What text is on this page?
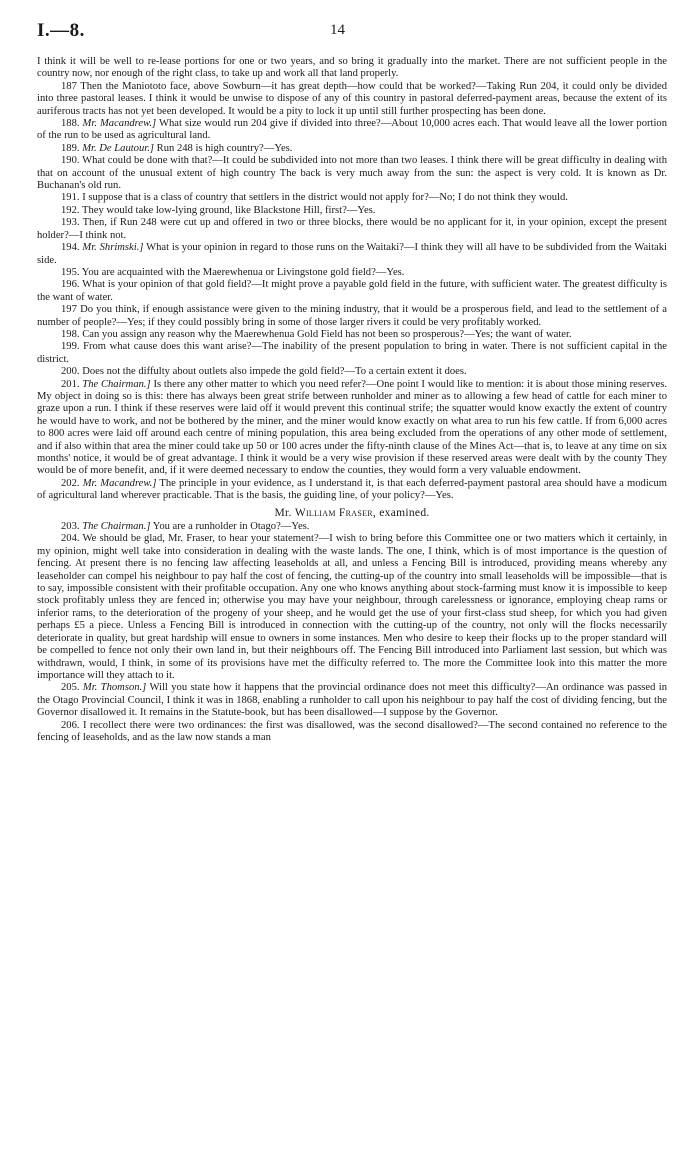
I.—8.	14

I think it will be well to re-lease portions for one or two years, and so bring it gradually into the market. There are not sufficient people in the country now, nor enough of the right class, to take up and work all that land properly.

187 Then the Maniototo face, above Sowburn—it has great depth—how could that be worked?—Taking Run 204, it could only be divided into three pastoral leases. I think it would be unwise to dispose of any of this country in pastoral deferred-payment areas, because the extent of its auriferous tracts has not yet been developed. It would be a pity to lock it up until still further prospecting has been done.

188. Mr. Macandrew.] What size would run 204 give if divided into three?—About 10,000 acres each. That would leave all the lower portion of the run to be used as agricultural land.

189. Mr. De Lautour.] Run 248 is high country?—Yes.

190. What could be done with that?—It could be subdivided into not more than two leases. I think there will be great difficulty in dealing with that on account of the unusual extent of high country The back is very much away from the sun: the aspect is very cold. It is known as Dr. Buchanan's old run.

191. I suppose that is a class of country that settlers in the district would not apply for?—No; I do not think they would.

192. They would take low-lying ground, like Blackstone Hill, first?—Yes.

193. Then, if Run 248 were cut up and offered in two or three blocks, there would be no applicant for it, in your opinion, except the present holder?—I think not.

194. Mr. Shrimski.] What is your opinion in regard to those runs on the Waitaki?—I think they will all have to be subdivided from the Waitaki side.

195. You are acquainted with the Maerewhenua or Livingstone gold field?—Yes.

196. What is your opinion of that gold field?—It might prove a payable gold field in the future, with sufficient water. The greatest difficulty is the want of water.

197 Do you think, if enough assistance were given to the mining industry, that it would be a prosperous field, and lead to the settlement of a number of people?—Yes; if they could possibly bring in some of those larger rivers it could be very profitably worked.

198. Can you assign any reason why the Maerewhenua Gold Field has not been so prosperous?—Yes; the want of water.

199. From what cause does this want arise?—The inability of the present population to bring in water. There is not sufficient capital in the district.

200. Does not the diffulty about outlets also impede the gold field?—To a certain extent it does.

201. The Chairman.] Is there any other matter to which you need refer?—One point I would like to mention: it is about those mining reserves. My object in doing so is this: there has always been great strife between runholder and miner as to allowing a few head of cattle for each miner to graze upon a run. I think if these reserves were laid off it would prevent this continual strife; the squatter would know exactly the extent of country he would have to work, and not be bothered by the miner, and the miner would know exactly on what area to run his few cattle. If from 6,000 acres to 800 acres were laid off around each centre of mining population, this area being excluded from the operations of any other mode of settlement, and if also within that area the miner could take up 50 or 100 acres under the fifty-ninth clause of the Mines Act—that is, to leave at any time on six months' notice, it would be of great advantage. I think it would be a very wise provision if these reserved areas were dealt with by the county They would be of more benefit, and, if it were deemed necessary to endow the counties, they would form a very valuable endowment.

202. Mr. Macandrew.] The principle in your evidence, as I understand it, is that each deferred-payment pastoral area should have a modicum of agricultural land wherever practicable. That is the basis, the guiding line, of your policy?—Yes.

Mr. William Fraser, examined.

203. The Chairman.] You are a runholder in Otago?—Yes.

204. We should be glad, Mr. Fraser, to hear your statement?—I wish to bring before this Committee one or two matters which it certainly, in my opinion, might well take into consideration in dealing with the waste lands. The one, I think, which is of most importance is the question of fencing. At present there is no fencing law affecting leaseholds at all, and unless a Fencing Bill is introduced, providing means whereby any leaseholder can compel his neighbour to pay half the cost of fencing, the cutting-up of the country into small leaseholds will be impossible—that is to say, impossible consistent with their profitable occupation. Any one who knows anything about stock-farming must know it is impossible to keep stock profitably unless they are fenced in; otherwise you may have your neighbour, through carelessness or ignorance, employing cheap rams or inferior rams, to the deterioration of the progeny of your sheep, and he would get the use of your first-class stud sheep, for which you had given perhaps £5 a piece. Unless a Fencing Bill is introduced in connection with the cutting-up of the country, not only will the flocks necessarily deteriorate in quality, but great hardship will ensue to owners in some instances. Men who desire to keep their flocks up to the proper standard will be compelled to fence not only their own land in, but their neighbours off. The Fencing Bill introduced into Parliament last session, but which was withdrawn, would, I think, in some of its provisions have met the difficulty referred to. The more the Committee look into this matter the more importance will they attach to it.

205. Mr. Thomson.] Will you state how it happens that the provincial ordinance does not meet this difficulty?—An ordinance was passed in the Otago Provincial Council, I think it was in 1868, enabling a runholder to call upon his neighbour to pay half the cost of dividing fencing, but the Governor disallowed it. It remains in the Statute-book, but has been disallowed—I suppose by the Governor.

206. I recollect there were two ordinances: the first was disallowed, was the second disallowed?—The second contained no reference to the fencing of leaseholds, and as the law now stands a man
